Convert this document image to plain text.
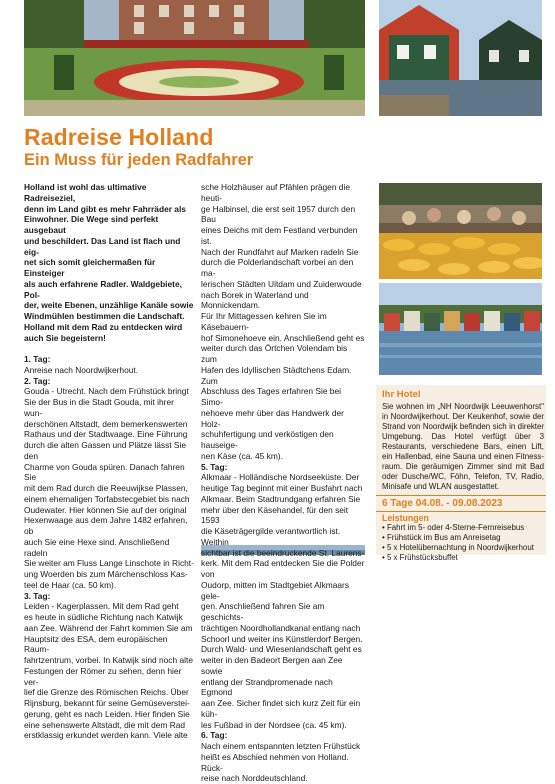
Radreise Holland
Ein Muss für jeden Radfahrer

Holland ist wohl das ultimative Radreiseziel,

denn im Land gibt es mehr Fahrräder als

Einwohner. Die Wege sind perfekt ausgebaut

und beschildert. Das Land ist flach und eig-

net sich somit gleichermaßen für Einsteiger

als auch erfahrene Radler. Waldgebiete, Pol-

der, weite Ebenen, unzählige Kanäle sowie

Windmühlen bestimmen die Landschaft.

Holland mit dem Rad zu entdecken wird

auch Sie begeistern!

1. Tag:

Anreise nach Noordwijkerhout.

2. Tag:

Gouda - Utrecht. Nach dem Frühstück bringt

Sie der Bus in die Stadt Gouda, mit ihrer wun-

derschönen Altstadt, dem bemerkenswerten

Rathaus und der Stadtwaage. Eine Führung

durch die alten Gassen und Plätze lässt Sie den

Charme von Gouda spüren. Danach fahren Sie

mit dem Rad durch die Reeuwijkse Plassen,

einem ehemaligen Torfabstecgebiet bis nach

Oudewater. Hier können Sie auf der original

Hexenwaage aus dem Jahre 1482 erfahren, ob

auch Sie eine Hexe sind. Anschließend radeln

Sie weiter am Fluss Lange Linschote in Richt-

ung Woerden bis zum Märchenschloss Kas-

teel de Haar (ca. 50 km).

3. Tag:

Leiden - Kagerplassen. Mit dem Rad geht

es heute in südliche Richtung nach Katwijk

aan Zee. Während der Fahrt kommen Sie am

Hauptsitz des ESA, dem europäischen Raum-

fahrtzentrum, vorbei. In Katwijk sind noch alte

Festungen der Römer zu sehen, denn hier ver-

lief die Grenze des Römischen Reichs. Über

Rijnsburg, bekannt für seine Gemüseverstei-

gerung, geht es nach Leiden. Hier finden Sie

eine sehenswerte Altstadt, die mit dem Rad

erstklassig erkundet werden kann. Viele alte

sche Holzhäuser auf Pfählen prägen die heuti-

ge Halbinsel, die erst seit 1957 durch den Bau

eines Deichs mit dem Festland verbunden ist.

Nach der Rundfahrt auf Marken radeln Sie

durch die Polderlandschaft vorbei an den ma-

lerischen Städten Uitdam und Zuiderwoude

nach Borek in Waterland und Monnickendam.

Für Ihr Mittagessen kehren Sie im Käsebauern-

hof Simonehoeve ein. Anschließend geht es

weiter durch das Örtchen Volendam bis zum

Hafen des Idyllischen Städtchens Edam. Zum

Abschluss des Tages erfahren Sie bei Simo-

nehoeve mehr über das Handwerk der Holz-

schuhfertigung und verköstigen den hauseige-

nen Käse (ca. 45 km).

5. Tag:

Alkmaar - Holländische Nordseeküste. Der

heutige Tag beginnt mit einer Busfahrt nach

Alkmaar. Beim Stadtrundgang erfahren Sie

mehr über den Käsehandel, für den seit 1593

die Käseträgergilde verantwortlich ist. Weithin

sichtbar ist die beeindruckende St. Laurens-

kerk. Mit dem Rad entdecken Sie die Polder von

Oudorp, mitten im Stadtgebiet Alkmaars gele-

gen. Anschließend fahren Sie am geschichts-

trächtigen Noordhollandkanal entlang nach

Schoorl und weiter ins Künstlerdorf Bergen.

Durch Wald- und Wiesenlandschaft geht es

weiter in den Badeort Bergen aan Zee sowie

entlang der Strandpromenade nach Egmond

aan Zee. Sicher findet sich kurz Zeit für ein küh-

les Fußbad in der Nordsee (ca. 45 km).

6. Tag:

Nach einem entspannten letzten Frühstück

heißt es Abschied nehmen von Holland. Rück-

reise nach Norddeutschland.

Ihr Hotel
Sie wohnen im „NH Noordwijk Leeuwenhorst" in Noordwijkerhout. Der Keukenhof, sowie der Strand von Noordwijk befinden sich in direkter Umgebung. Das Hotel verfügt über 3 Restaurants, verschiedene Bars, einen Lift, ein Hallenbad, eine Sauna und einen Fitness-raum. Die geräumigen Zimmer sind mit Bad oder Dusche/WC, Föhn, Telefon, TV, Radio, Minisafe und WLAN ausgestattet.
6 Tage 04.08. - 09.08.2023
Leistungen
• Fahrt im 5- oder 4-Sterne-Fernreisebus
• Frühstück im Bus am Anreisetag
• 5 x Hotelübernachtung in Noordwijkerhout
• 5 x Frühstücksbuffet
